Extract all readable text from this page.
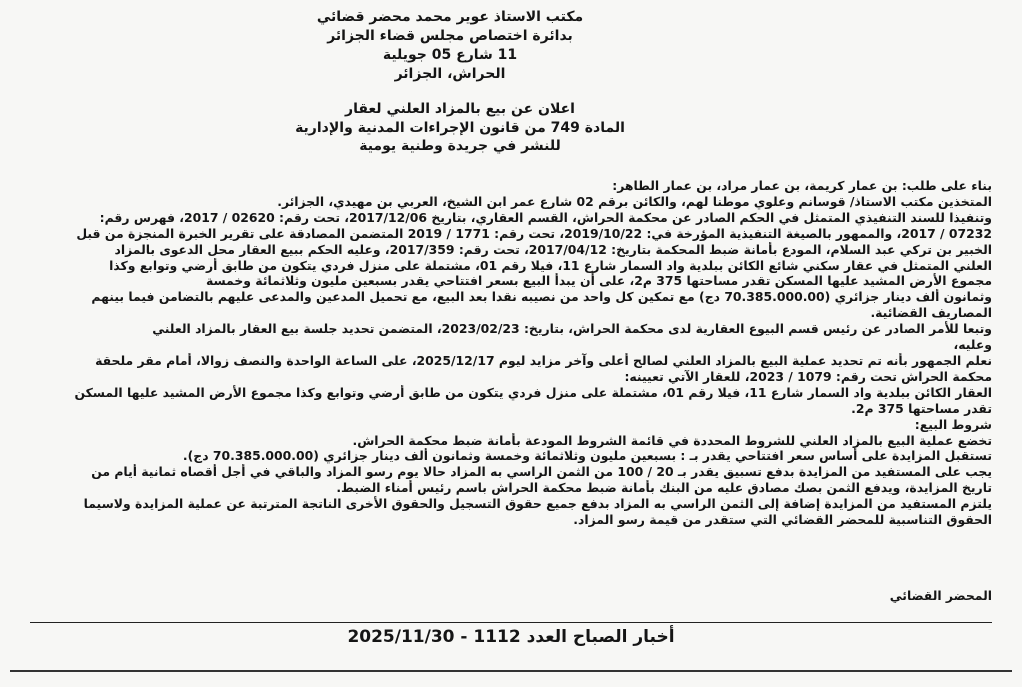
مكتب الاستاذ عوير محمد محضر قضائي
بدائرة اختصاص مجلس قضاء الجزائر
11 شارع 05 جويلية
الحراش، الجزائر
اعلان عن بيع بالمزاد العلني لعقار
المادة 749 من قانون الإجراءات المدنية والإدارية
للنشر في جريدة وطنية يومية
بناء على طلب: بن عمار كريمة، بن عمار مراد، بن عمار الطاهر:
المتخذين مكتب الاستاذ/ قوسانم وعلوي موطنا لهم، والكائن برقم 02 شارع عمر ابن الشيخ، العربي بن مهيدي، الجزائر.
وتنفيذا للسند التنفيذي المتمثل في الحكم الصادر عن محكمة الحراش، القسم العقاري، بتاريخ 2017/12/06، تحت رقم: 02620 / 2017، فهرس رقم:
07232 / 2017، والممهور بالصيغة التنفيذية المؤرخة في: 2019/10/22، تحت رقم: 1771 / 2019 المتضمن المصادقة على تقرير الخبرة المنجزة من قبل
الخبير بن تركي عبد السلام، المودع بأمانة ضبط المحكمة بتاريخ: 2017/04/12، تحت رقم: 2017/359، وعليه الحكم ببيع العقار محل الدعوى بالمزاد
العلني المتمثل في عقار سكني شائع الكائن ببلدية واد السمار شارع 11، فيلا رقم 01، مشتملة على منزل فردي يتكون من طابق أرضي وتوابع وكذا
مجموع الأرض المشيد عليها المسكن تقدر مساحتها 375 م2، على أن يبدأ البيع بسعر افتتاحي يقدر بسبعين مليون وثلاثمائة وخمسة
وثمانون ألف دينار جزائري (70.385.000.00 دج) مع تمكين كل واحد من نصيبه نقدا بعد البيع، مع تحميل المدعين والمدعى عليهم بالتضامن فيما بينهم
المصاريف القضائية.
وتبعا للأمر الصادر عن رئيس قسم البيوع العقارية لدى محكمة الحراش، بتاريخ: 2023/02/23، المتضمن تحديد جلسة بيع العقار بالمزاد العلني
وعليه،
نعلم الجمهور بأنه تم تحديد عملية البيع بالمزاد العلني لصالح أعلى وآخر مزايد ليوم 2025/12/17، على الساعة الواحدة والنصف زوالا، أمام مقر ملحقة
محكمة الحراش تحت رقم: 1079 / 2023، للعقار الآتي تعيينه:
العقار الكائن ببلدية واد السمار شارع 11، فيلا رقم 01، مشتملة على منزل فردي يتكون من طابق أرضي وتوابع وكذا مجموع الأرض المشيد عليها المسكن
تقدر مساحتها 375 م2.
شروط البيع:
تخضع عملية البيع بالمزاد العلني للشروط المحددة في قائمة الشروط المودعة بأمانة ضبط محكمة الحراش.
تستقبل المزايدة على أساس سعر افتتاحي يقدر بـ : بسبعين مليون وثلاثمائة وخمسة وثمانون ألف دينار جزائري (70.385.000.00 دج).
يجب على المستفيد من المزايدة بدفع تسبيق يقدر بـ 20 / 100 من الثمن الراسي به المزاد حالا يوم رسو المزاد والباقي في أجل أقصاه ثمانية أيام من
تاريخ المزايدة، ويدفع الثمن بصك مصادق عليه من البنك بأمانة ضبط محكمة الحراش باسم رئيس أمناء الضبط.
يلتزم المستفيد من المزايدة إضافة إلى الثمن الراسي به المزاد بدفع جميع حقوق التسجيل والحقوق الأخرى الناتجة المترتبة عن عملية المزايدة ولاسيما
الحقوق التناسبية للمحضر القضائي التي ستقدر من قيمة رسو المزاد.
المحضر القضائي
أخبار الصباح العدد 1112 - 2025/11/30
